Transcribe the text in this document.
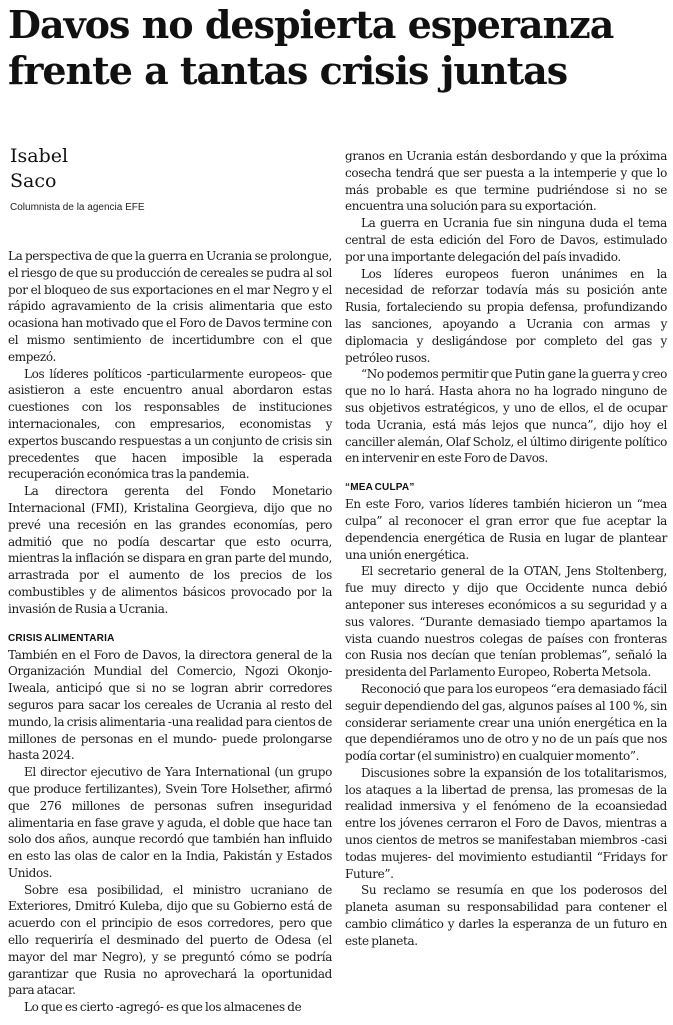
Davos no despierta esperanza
frente a tantas crisis juntas
Isabel
Saco
Columnista de la agencia EFE

La perspectiva de que la guerra en Ucrania se prolongue, el riesgo de que su producción de cereales se pudra al sol por el bloqueo de sus exportaciones en el mar Negro y el rápido agravamiento de la crisis alimentaria que esto ocasiona han motivado que el Foro de Davos termine con el mismo sentimiento de incertidumbre con el que empezó.

Los líderes políticos -particularmente europeos- que asistieron a este encuentro anual abordaron estas cuestiones con los responsables de instituciones internacionales, con empresarios, economistas y expertos buscando respuestas a un conjunto de crisis sin precedentes que hacen imposible la esperada recuperación económica tras la pandemia.

La directora gerenta del Fondo Monetario Internacional (FMI), Kristalina Georgieva, dijo que no prevé una recesión en las grandes economías, pero admitió que no podía descartar que esto ocurra, mientras la inflación se dispara en gran parte del mundo, arrastrada por el aumento de los precios de los combustibles y de alimentos básicos provocado por la invasión de Rusia a Ucrania.

CRISIS ALIMENTARIA

También en el Foro de Davos, la directora general de la Organización Mundial del Comercio, Ngozi Okonjo-Iweala, anticipó que si no se logran abrir corredores seguros para sacar los cereales de Ucrania al resto del mundo, la crisis alimentaria -una realidad para cientos de millones de personas en el mundo- puede prolongarse hasta 2024.

El director ejecutivo de Yara International (un grupo que produce fertilizantes), Svein Tore Holsether, afirmó que 276 millones de personas sufren inseguridad alimentaria en fase grave y aguda, el doble que hace tan solo dos años, aunque recordó que también han influido en esto las olas de calor en la India, Pakistán y Estados Unidos.

Sobre esa posibilidad, el ministro ucraniano de Exteriores, Dmitró Kuleba, dijo que su Gobierno está de acuerdo con el principio de esos corredores, pero que ello requeriría el desminado del puerto de Odesa (el mayor del mar Negro), y se preguntó cómo se podría garantizar que Rusia no aprovechará la oportunidad para atacar.

Lo que es cierto -agregó- es que los almacenes de

granos en Ucrania están desbordando y que la próxima cosecha tendrá que ser puesta a la intemperie y que lo más probable es que termine pudriéndose si no se encuentra una solución para su exportación.

La guerra en Ucrania fue sin ninguna duda el tema central de esta edición del Foro de Davos, estimulado por una importante delegación del país invadido.

Los líderes europeos fueron unánimes en la necesidad de reforzar todavía más su posición ante Rusia, fortaleciendo su propia defensa, profundizando las sanciones, apoyando a Ucrania con armas y diplomacia y desligándose por completo del gas y petróleo rusos.

“No podemos permitir que Putin gane la guerra y creo que no lo hará. Hasta ahora no ha logrado ninguno de sus objetivos estratégicos, y uno de ellos, el de ocupar toda Ucrania, está más lejos que nunca”, dijo hoy el canciller alemán, Olaf Scholz, el último dirigente político en intervenir en este Foro de Davos.

“MEA CULPA”

En este Foro, varios líderes también hicieron un “mea culpa” al reconocer el gran error que fue aceptar la dependencia energética de Rusia en lugar de plantear una unión energética.

El secretario general de la OTAN, Jens Stoltenberg, fue muy directo y dijo que Occidente nunca debió anteponer sus intereses económicos a su seguridad y a sus valores. “Durante demasiado tiempo apartamos la vista cuando nuestros colegas de países con fronteras con Rusia nos decían que tenían problemas”, señaló la presidenta del Parlamento Europeo, Roberta Metsola.

Reconoció que para los europeos “era demasiado fácil seguir dependiendo del gas, algunos países al 100 %, sin considerar seriamente crear una unión energética en la que dependiéramos uno de otro y no de un país que nos podía cortar (el suministro) en cualquier momento”.

Discusiones sobre la expansión de los totalitarismos, los ataques a la libertad de prensa, las promesas de la realidad inmersiva y el fenómeno de la ecoansiedad entre los jóvenes cerraron el Foro de Davos, mientras a unos cientos de metros se manifestaban miembros -casi todas mujeres- del movimiento estudiantil “Fridays for Future”.

Su reclamo se resumía en que los poderosos del planeta asuman su responsabilidad para contener el cambio climático y darles la esperanza de un futuro en este planeta.
